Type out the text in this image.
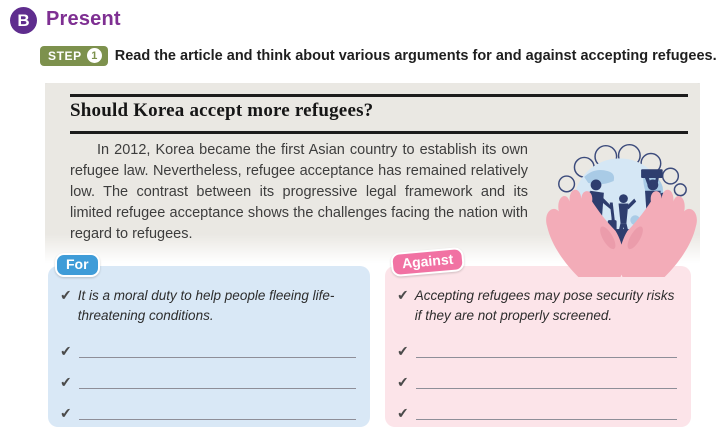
B Present
STEP 1	Read the article and think about various arguments for and against accepting refugees.
Should Korea accept more refugees?
In 2012, Korea became the first Asian country to establish its own refugee law. Nevertheless, refugee acceptance has remained relatively low. The contrast between its progressive legal framework and its limited refugee acceptance shows the challenges facing the nation with regard to refugees.
For
✔ It is a moral duty to help people fleeing life-threatening conditions.
✔
✔
✔
Against
✔ Accepting refugees may pose security risks if they are not properly screened.
✔
✔
✔
